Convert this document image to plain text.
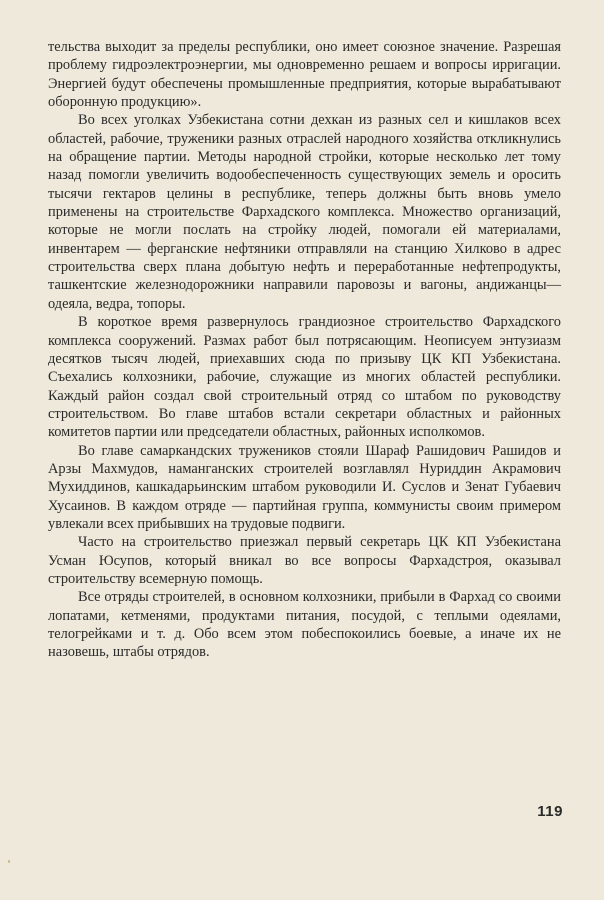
тельства выходит за пределы республики, оно имеет союзное значение. Разрешая проблему гидроэлектроэнергии, мы одновременно решаем и вопросы ирригации. Энергией будут обеспечены промышленные предприятия, которые вырабатывают оборонную продукцию».

Во всех уголках Узбекистана сотни дехкан из разных сел и кишлаков всех областей, рабочие, труженики разных отраслей народного хозяйства откликнулись на обращение партии. Методы народной стройки, которые несколько лет тому назад помогли увеличить водообеспеченность существующих земель и оросить тысячи гектаров целины в республике, теперь должны быть вновь умело применены на строительстве Фархадского комплекса. Множество организаций, которые не могли послать на стройку людей, помогали ей материалами, инвентарем — ферганские нефтяники отправляли на станцию Хилково в адрес строительства сверх плана добытую нефть и переработанные нефтепродукты, ташкентские железнодорожники направили паровозы и вагоны, андижанцы—одеяла, ведра, топоры.

В короткое время развернулось грандиозное строительство Фархадского комплекса сооружений. Размах работ был потрясающим. Неописуем энтузиазм десятков тысяч людей, приехавших сюда по призыву ЦК КП Узбекистана. Съехались колхозники, рабочие, служащие из многих областей республики. Каждый район создал свой строительный отряд со штабом по руководству строительством. Во главе штабов встали секретари областных и районных комитетов партии или председатели областных, районных исполкомов.

Во главе самаркандских тружеников стояли Шараф Рашидович Рашидов и Арзы Махмудов, наманганских строителей возглавлял Нуриддин Акрамович Мухиддинов, кашкадарьинским штабом руководили И. Суслов и Зенат Губаевич Хусаинов. В каждом отряде — партийная группа, коммунисты своим примером увлекали всех прибывших на трудовые подвиги.

Часто на строительство приезжал первый секретарь ЦК КП Узбекистана Усман Юсупов, который вникал во все вопросы Фархадстроя, оказывал строительству всемерную помощь.

Все отряды строителей, в основном колхозники, прибыли в Фархад со своими лопатами, кетменями, продуктами питания, посудой, с теплыми одеялами, телогрейками и т. д. Обо всем этом побеспокоились боевые, а иначе их не назовешь, штабы отрядов.

119
